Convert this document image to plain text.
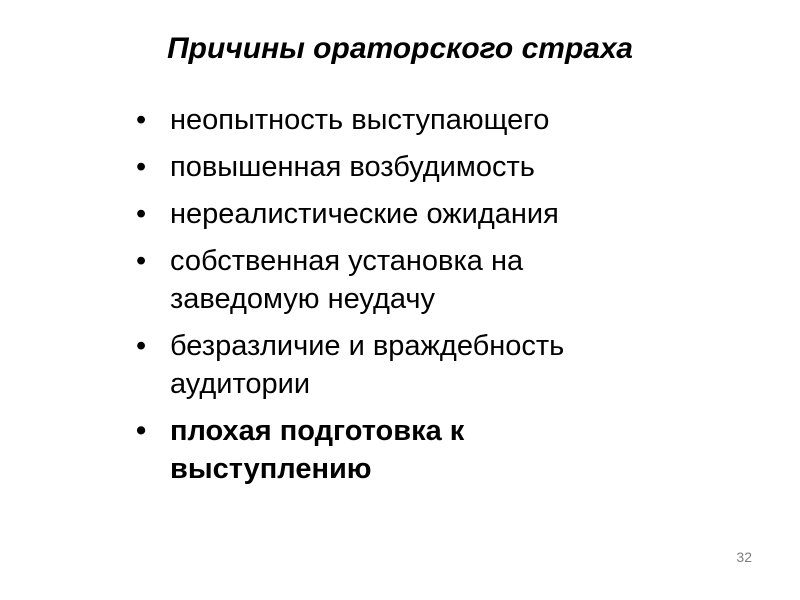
Причины ораторского страха
• неопытность выступающего
• повышенная возбудимость
• нереалистические ожидания
• собственная установка на
заведомую неудачу
• безразличие и враждебность
аудитории
• плохая подготовка к
выступлению
32
